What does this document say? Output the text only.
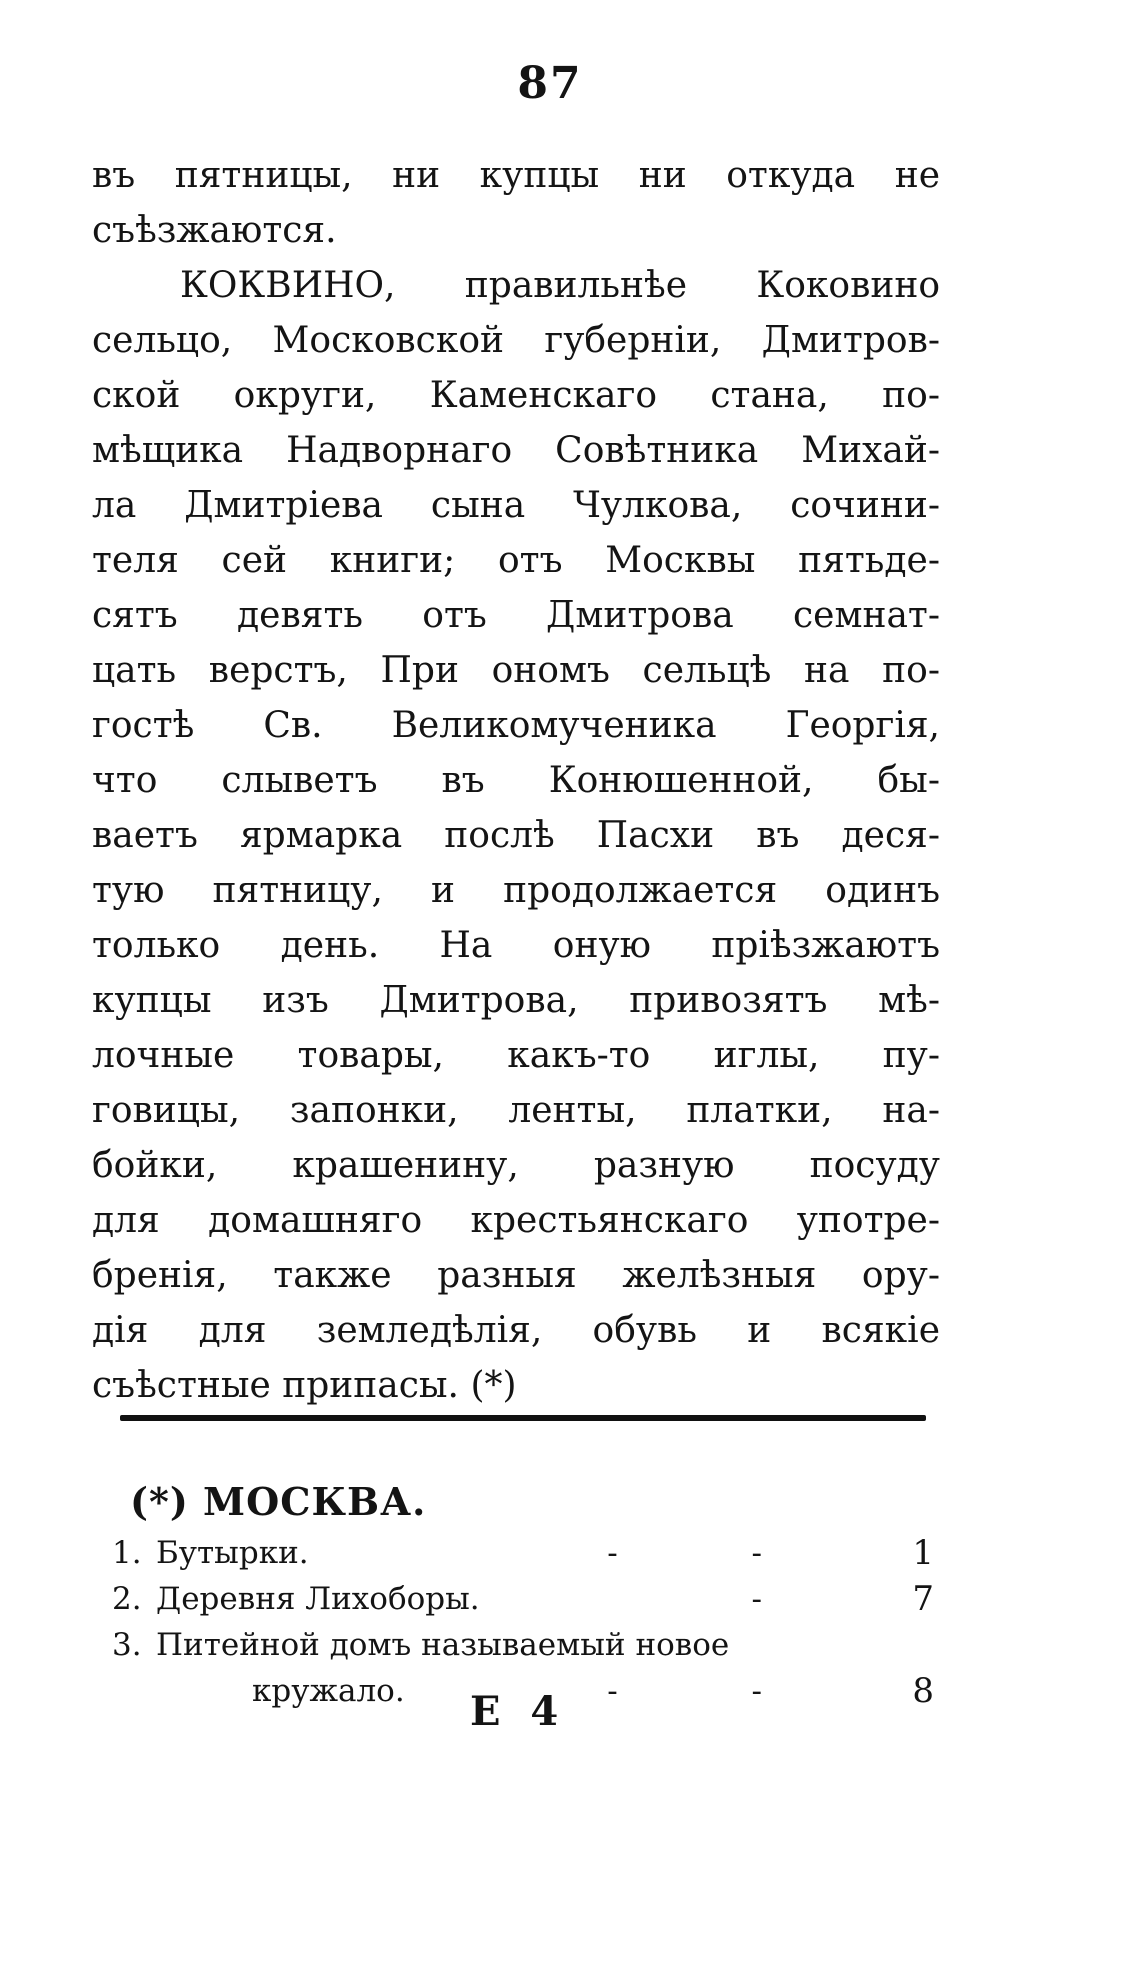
87
въ пятницы, ни купцы ни откуда не
съѣзжаются.
КОКВИНО, правильнѣе Коковино
сельцо, Московской губерніи, Дмитров-
ской округи, Каменскаго стана, по-
мѣщика Надворнаго Совѣтника Михай-
ла Дмитріева сына Чулкова, сочини-
теля сей книги; отъ Москвы пятьде-
сятъ девять отъ Дмитрова семнат-
цать верстъ, При ономъ сельцѣ на по-
гостѣ Св. Великомученика Георгія,
что слыветъ въ Конюшенной, бы-
ваетъ ярмарка послѣ Пасхи въ деся-
тую пятницу, и продолжается одинъ
только день. На оную пріѣзжаютъ
купцы изъ Дмитрова, привозятъ мѣ-
лочные товары, какъ-то иглы, пу-
говицы, запонки, ленты, платки, на-
бойки, крашенину, разную посуду
для домашняго крестьянскаго употре-
бренія, также разныя желѣзныя ору-
дія для земледѣлія, обувь и всякіе
съѣстные припасы. (*)
(*) МОСКВА.
1. Бутырки.	- -	1
2. Деревня Лихоборы.	-	7
3. Питейной домъ называемый новое
кружало.	- -	8
E 4
